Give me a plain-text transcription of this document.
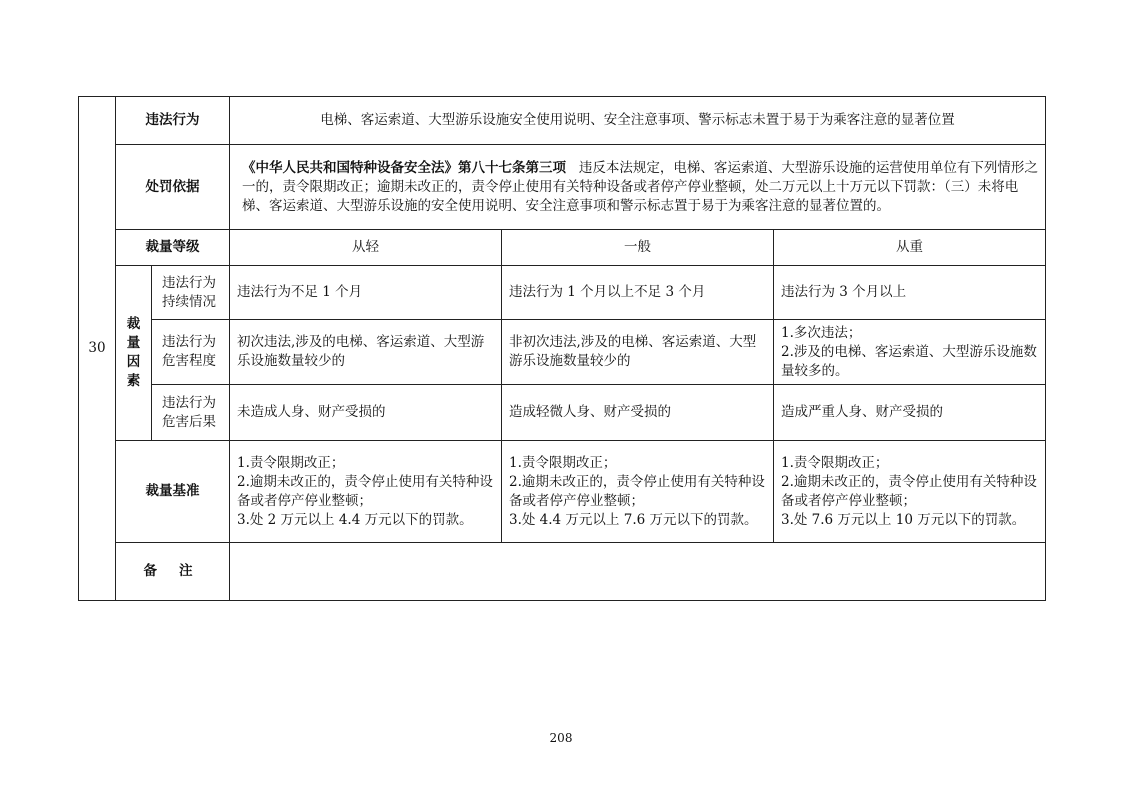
30	违法行为		电梯、客运索道、大型游乐设施安全使用说明、安全注意事项、警示标志未置于易于为乘客注意的显著位置		
	处罚依据		《中华人民共和国特种设备安全法》第八十七条第三项 违反本法规定，电梯、客运索道、大型游乐设施的运营使用单位有下列情形之一的，责令限期改正；逾期未改正的，责令停止使用有关特种设备或者停产停业整顿，处二万元以上十万元以下罚款：（三）未将电梯、客运索道、大型游乐设施的安全使用说明、安全注意事项和警示标志置于易于为乘客注意的显著位置的。		
	裁量等级		从轻	一般	从重

	裁
量
因
素	违法行为持续情况	违法行为不足 1 个月	违法行为 1 个月以上不足 3 个月	违法行为 3 个月以上
		违法行为危害程度	初次违法,涉及的电梯、客运索道、大型游乐设施数量较少的	非初次违法,涉及的电梯、客运索道、大型游乐设施数量较少的	1.多次违法；
2.涉及的电梯、客运索道、大型游乐设施数量较多的。

		违法行为危害后果	未造成人身、财产受损的	造成轻微人身、财产受损的	造成严重人身、财产受损的
	裁量基准		1.责令限期改正；
2.逾期未改正的，责令停止使用有关特种设备或者停产停业整顿；
3.处 2 万元以上 4.4 万元以下的罚款。	1.责令限期改正；
2.逾期未改正的，责令停止使用有关特种设备或者停产停业整顿；
3.处 4.4 万元以上 7.6 万元以下的罚款。	1.责令限期改正；
2.逾期未改正的，责令停止使用有关特种设备或者停产停业整顿；
3.处 7.6 万元以上 10 万元以下的罚款。

	备注				
208
